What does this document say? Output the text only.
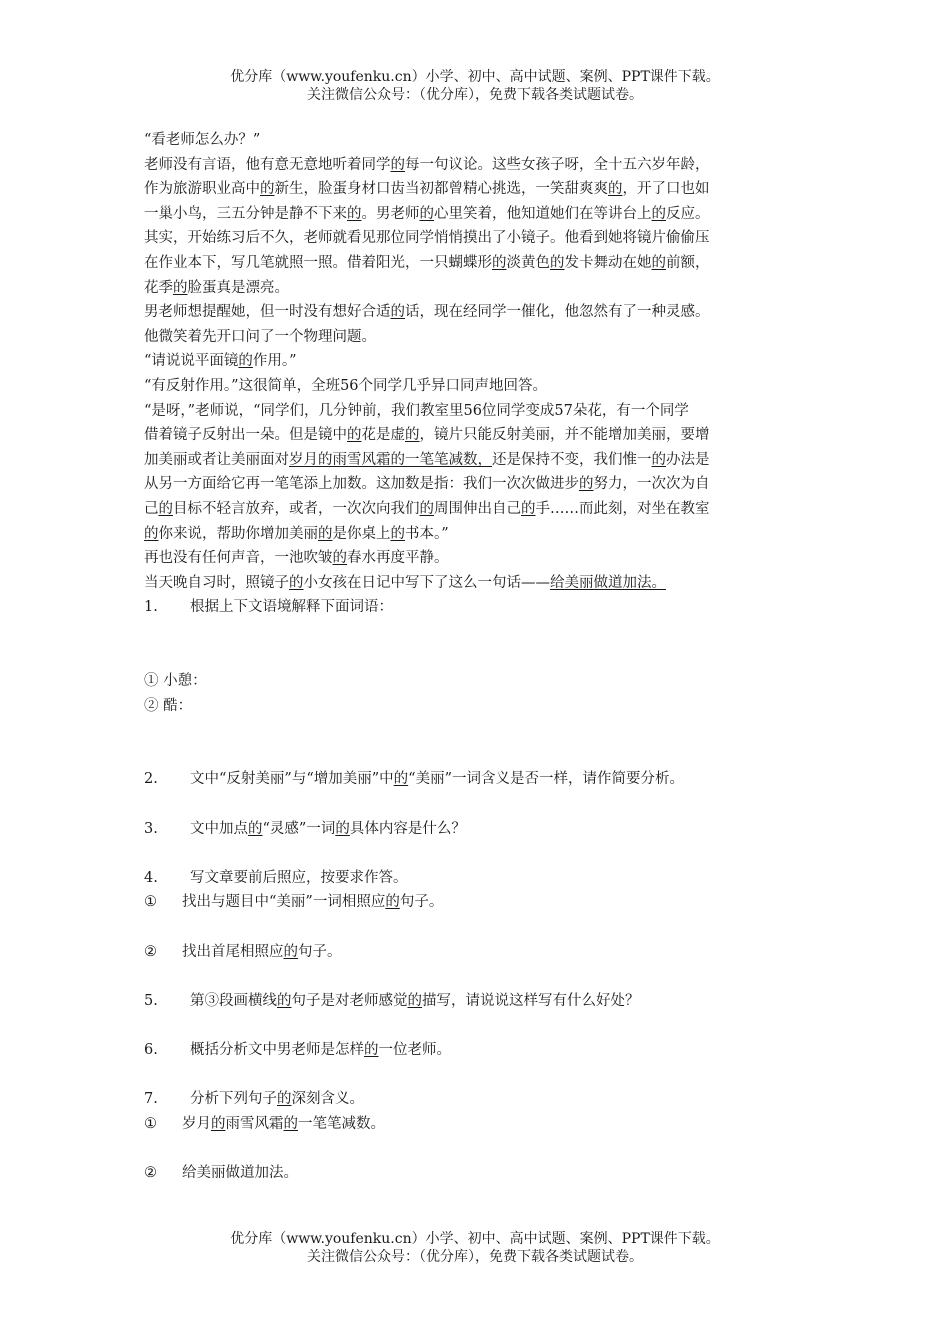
优分库（www.youfenku.cn）小学、初中、高中试题、案例、PPT课件下载。
关注微信公众号：（优分库），免费下载各类试题试卷。
“看老师怎么办？”
老师没有言语，他有意无意地听着同学的每一句议论。这些女孩子呀，全十五六岁年龄，
作为旅游职业高中的新生，脸蛋身材口齿当初都曾精心挑选，一笑甜爽爽的，开了口也如
一巢小鸟，三五分钟是静不下来的。男老师的心里笑着，他知道她们在等讲台上的反应。
其实，开始练习后不久，老师就看见那位同学悄悄摸出了小镜子。他看到她将镜片偷偷压
在作业本下，写几笔就照一照。借着阳光，一只蝴蝶形的淡黄色的发卡舞动在她的前额，
花季的脸蛋真是漂亮。
男老师想提醒她，但一时没有想好合适的话，现在经同学一催化，他忽然有了一种灵感。
他微笑着先开口问了一个物理问题。
“请说说平面镜的作用。”
“有反射作用。”这很简单，全班56个同学几乎异口同声地回答。
“是呀，”老师说，“同学们，几分钟前，我们教室里56位同学变成57朵花，有一个同学
借着镜子反射出一朵。但是镜中的花是虚的，镜片只能反射美丽，并不能增加美丽，要增
加美丽或者让美丽面对岁月的雨雪风霜的一笔笔减数，还是保持不变，我们惟一的办法是
从另一方面给它再一笔笔添上加数。这加数是指：我们一次次做进步的努力，一次次为自
己的目标不轻言放弃，或者，一次次向我们的周围伸出自己的手……而此刻，对坐在教室
的你来说，帮助你增加美丽的是你桌上的书本。”
再也没有任何声音，一池吹皱的春水再度平静。
当天晚自习时，照镜子的小女孩在日记中写下了这么一句话——给美丽做道加法。
1. 根据上下文语境解释下面词语：
① 小憩：
② 酷：
2. 文中“反射美丽”与“增加美丽”中的“美丽”一词含义是否一样，请作简要分析。
3. 文中加点的“灵感”一词的具体内容是什么？
4. 写文章要前后照应，按要求作答。
① 找出与题目中“美丽”一词相照应的句子。
② 找出首尾相照应的句子。
5. 第③段画横线的句子是对老师感觉的描写，请说说这样写有什么好处？
6. 概括分析文中男老师是怎样的一位老师。
7. 分析下列句子的深刻含义。
① 岁月的雨雪风霜的一笔笔减数。
② 给美丽做道加法。
优分库（www.youfenku.cn）小学、初中、高中试题、案例、PPT课件下载。
关注微信公众号：（优分库），免费下载各类试题试卷。
